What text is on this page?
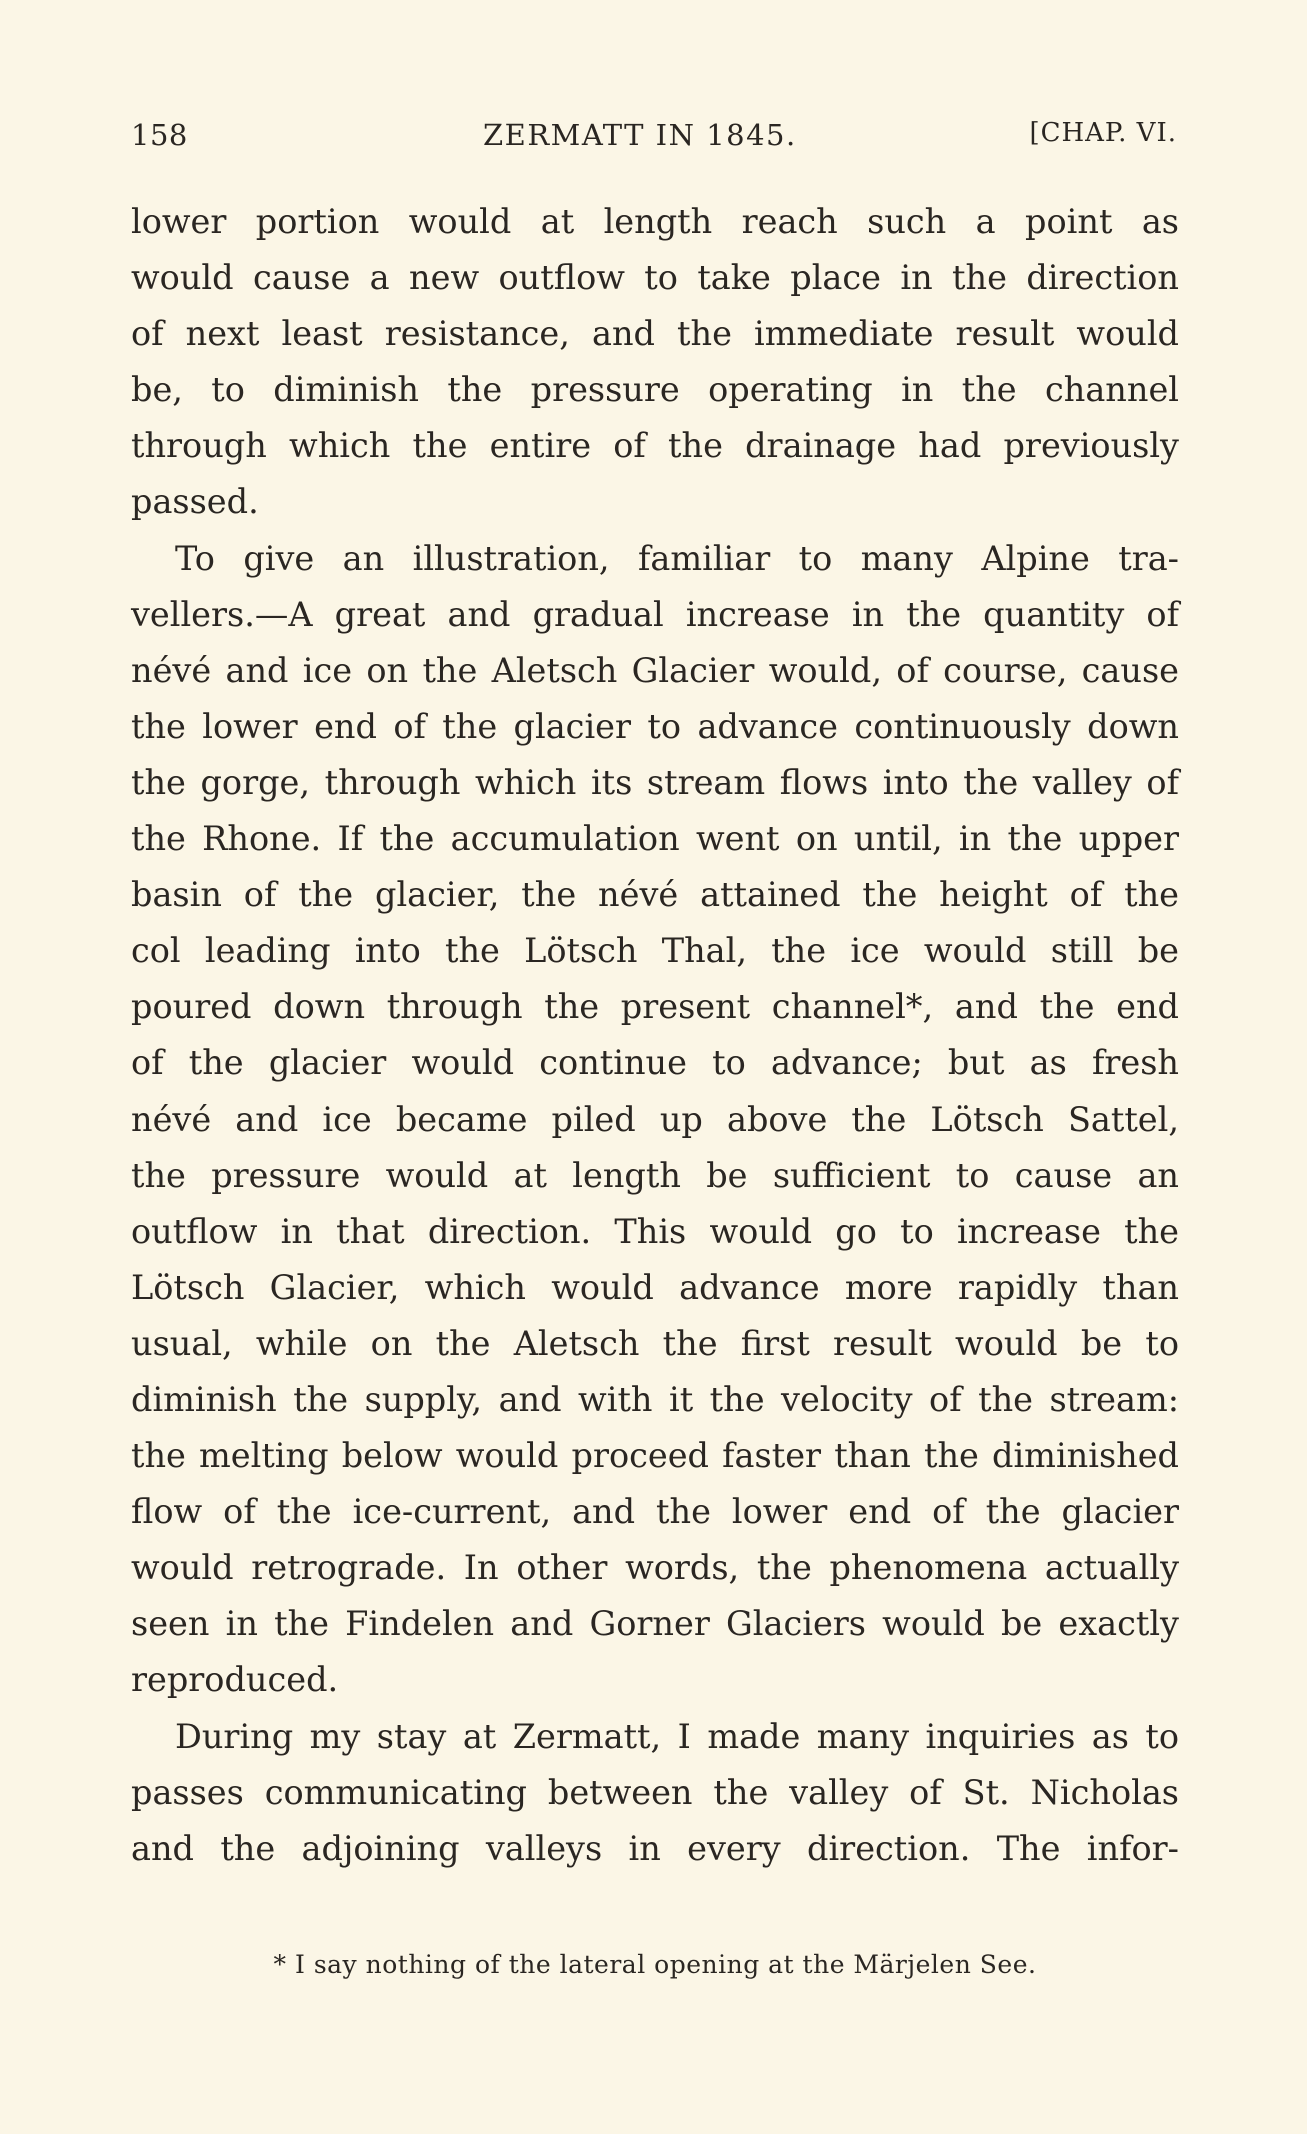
158	ZERMATT IN 1845.	[CHAP. VI.
lower portion would at length reach such a point as
would cause a new outflow to take place in the direction
of next least resistance, and the immediate result would
be, to diminish the pressure operating in the channel
through which the entire of the drainage had previously
passed.
To give an illustration, familiar to many Alpine tra-
vellers.—A great and gradual increase in the quantity of
névé and ice on the Aletsch Glacier would, of course, cause
the lower end of the glacier to advance continuously down
the gorge, through which its stream flows into the valley of
the Rhone. If the accumulation went on until, in the upper
basin of the glacier, the névé attained the height of the
col leading into the Lötsch Thal, the ice would still be
poured down through the present channel*, and the end
of the glacier would continue to advance; but as fresh
névé and ice became piled up above the Lötsch Sattel,
the pressure would at length be sufficient to cause an
outflow in that direction. This would go to increase the
Lötsch Glacier, which would advance more rapidly than
usual, while on the Aletsch the first result would be to
diminish the supply, and with it the velocity of the stream:
the melting below would proceed faster than the diminished
flow of the ice-current, and the lower end of the glacier
would retrograde. In other words, the phenomena actually
seen in the Findelen and Gorner Glaciers would be exactly
reproduced.
During my stay at Zermatt, I made many inquiries as to
passes communicating between the valley of St. Nicholas
and the adjoining valleys in every direction. The infor-
* I say nothing of the lateral opening at the Märjelen See.
